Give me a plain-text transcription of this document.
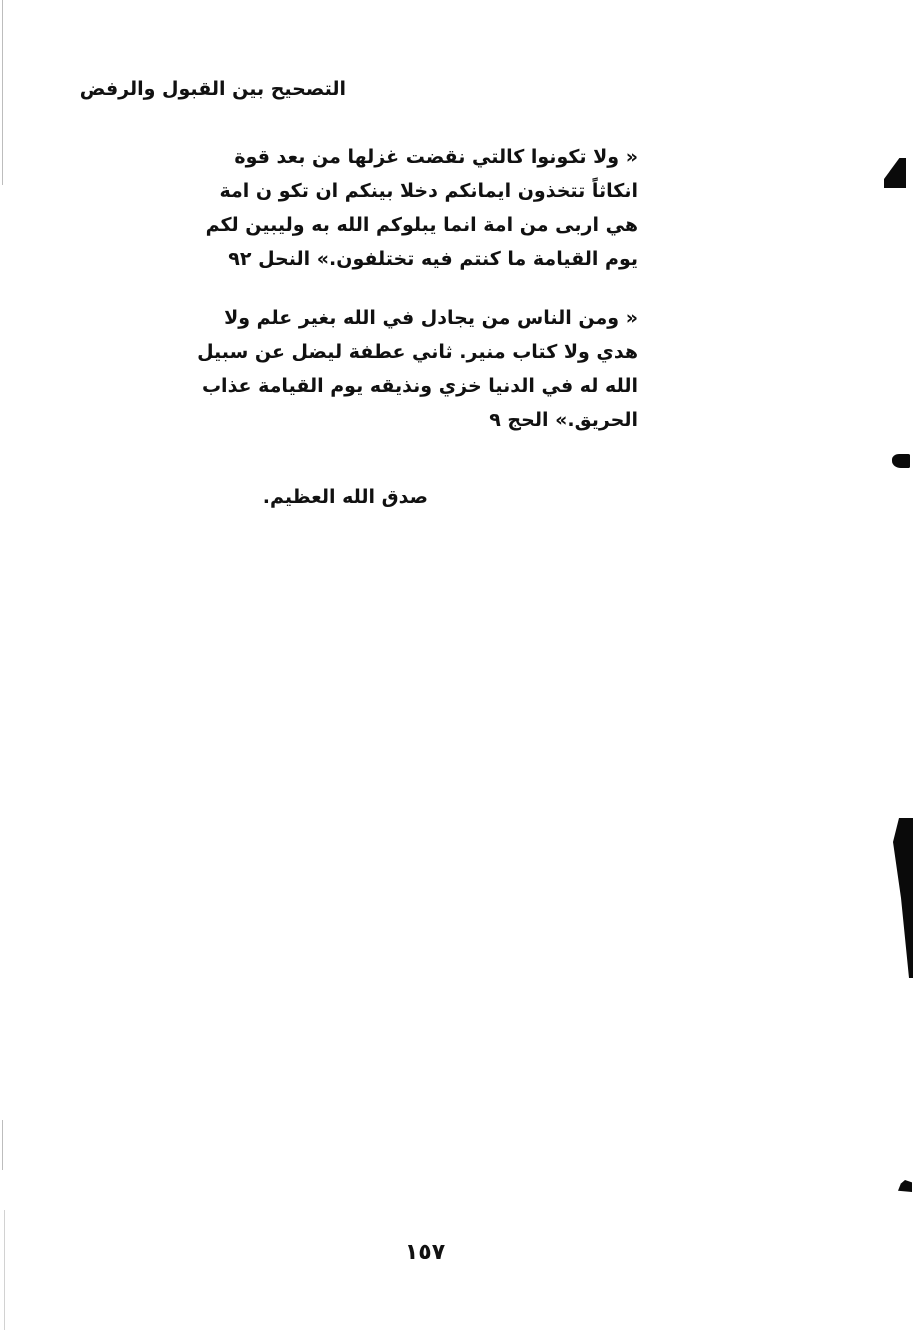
التصحيح بين القبول والرفض
« ولا تكونوا كالتي نقضت غزلها من بعد قوة
انكاثاً تتخذون ايمانكم دخلا بينكم ان تكو ن امة
هي اربى من امة انما يبلوكم الله به وليبين لكم
يوم القيامة ما كنتم فيه تختلفون.» النحل ٩٢
« ومن الناس من يجادل في الله بغير علم ولا
هدي ولا كتاب منير. ثاني عطفة ليضل عن سبيل
الله له في الدنيا خزي ونذيقه يوم القيامة عذاب
الحريق.» الحج ٩
صدق الله العظيم.
١٥٧
